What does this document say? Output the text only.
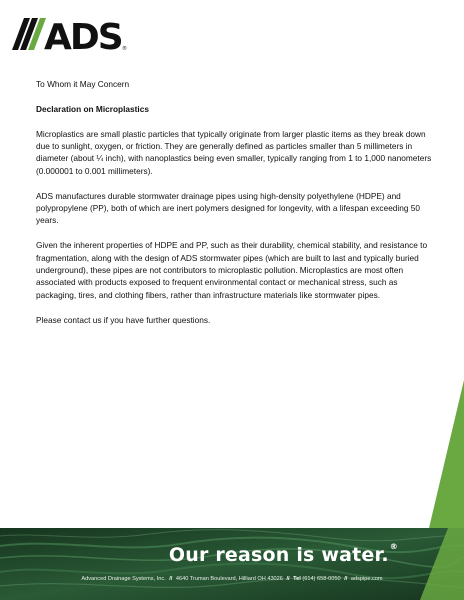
ADS ®

To Whom it May Concern

Declaration on Microplastics

Microplastics are small plastic particles that typically originate from larger plastic items as they break down due to sunlight, oxygen, or friction. They are generally defined as particles smaller than 5 millimeters in diameter (about ¼ inch), with nanoplastics being even smaller, typically ranging from 1 to 1,000 nanometers (0.000001 to 0.001 millimeters).

ADS manufactures durable stormwater drainage pipes using high-density polyethylene (HDPE) and polypropylene (PP), both of which are inert polymers designed for longevity, with a lifespan exceeding 50 years.

Given the inherent properties of HDPE and PP, such as their durability, chemical stability, and resistance to fragmentation, along with the design of ADS stormwater pipes (which are built to last and typically buried underground), these pipes are not contributors to microplastic pollution. Microplastics are most often associated with products exposed to frequent environmental contact or mechanical stress, such as packaging, tires, and clothing fibers, rather than infrastructure materials like stormwater pipes.

Please contact us if you have further questions.

Our reason is water.®
Advanced Drainage Systems, Inc. // 4640 Truman Boulevard, Hilliard OH 43026 // Tel (614) 658-0050 // adspipe.com
